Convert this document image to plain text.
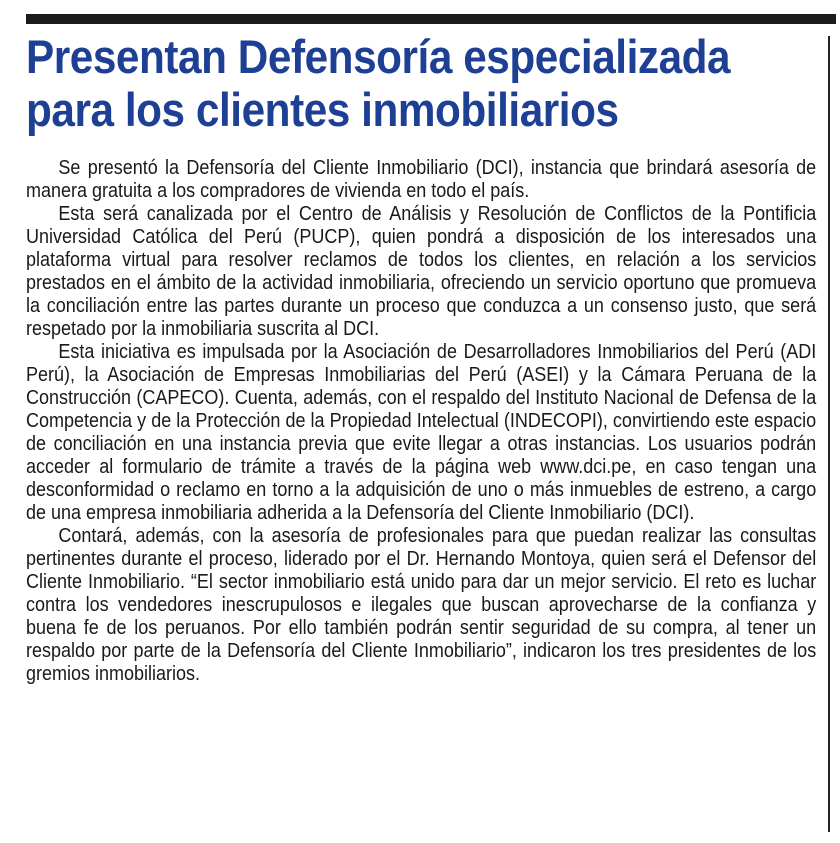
Presentan Defensoría especializada para los clientes inmobiliarios

Se presentó la Defensoría del Cliente Inmobiliario (DCI), instancia que brindará asesoría de manera gratuita a los compradores de vivienda en todo el país.

Esta será canalizada por el Centro de Análisis y Resolución de Conflictos de la Pontificia Universidad Católica del Perú (PUCP), quien pondrá a disposición de los interesados una plataforma virtual para resolver reclamos de todos los clientes, en relación a los servicios prestados en el ámbito de la actividad inmobiliaria, ofreciendo un servicio oportuno que promueva la conciliación entre las partes durante un proceso que conduzca a un consenso justo, que será respetado por la inmobiliaria suscrita al DCI.

Esta iniciativa es impulsada por la Asociación de Desarrolladores Inmobiliarios del Perú (ADI Perú), la Asociación de Empresas Inmobiliarias del Perú (ASEI) y la Cámara Peruana de la Construcción (CAPECO). Cuenta, además, con el respaldo del Instituto Nacional de Defensa de la Competencia y de la Protección de la Propiedad Intelectual (INDECOPI), convirtiendo este espacio de conciliación en una instancia previa que evite llegar a otras instancias. Los usuarios podrán acceder al formulario de trámite a través de la página web www.dci.pe, en caso tengan una desconformidad o reclamo en torno a la adquisición de uno o más inmuebles de estreno, a cargo de una empresa inmobiliaria adherida a la Defensoría del Cliente Inmobiliario (DCI).

Contará, además, con la asesoría de profesionales para que puedan realizar las consultas pertinentes durante el proceso, liderado por el Dr. Hernando Montoya, quien será el Defensor del Cliente Inmobiliario. “El sector inmobiliario está unido para dar un mejor servicio. El reto es luchar contra los vendedores inescrupulosos e ilegales que buscan aprovecharse de la confianza y buena fe de los peruanos. Por ello también podrán sentir seguridad de su compra, al tener un respaldo por parte de la Defensoría del Cliente Inmobiliario”, indicaron los tres presidentes de los gremios inmobiliarios.
